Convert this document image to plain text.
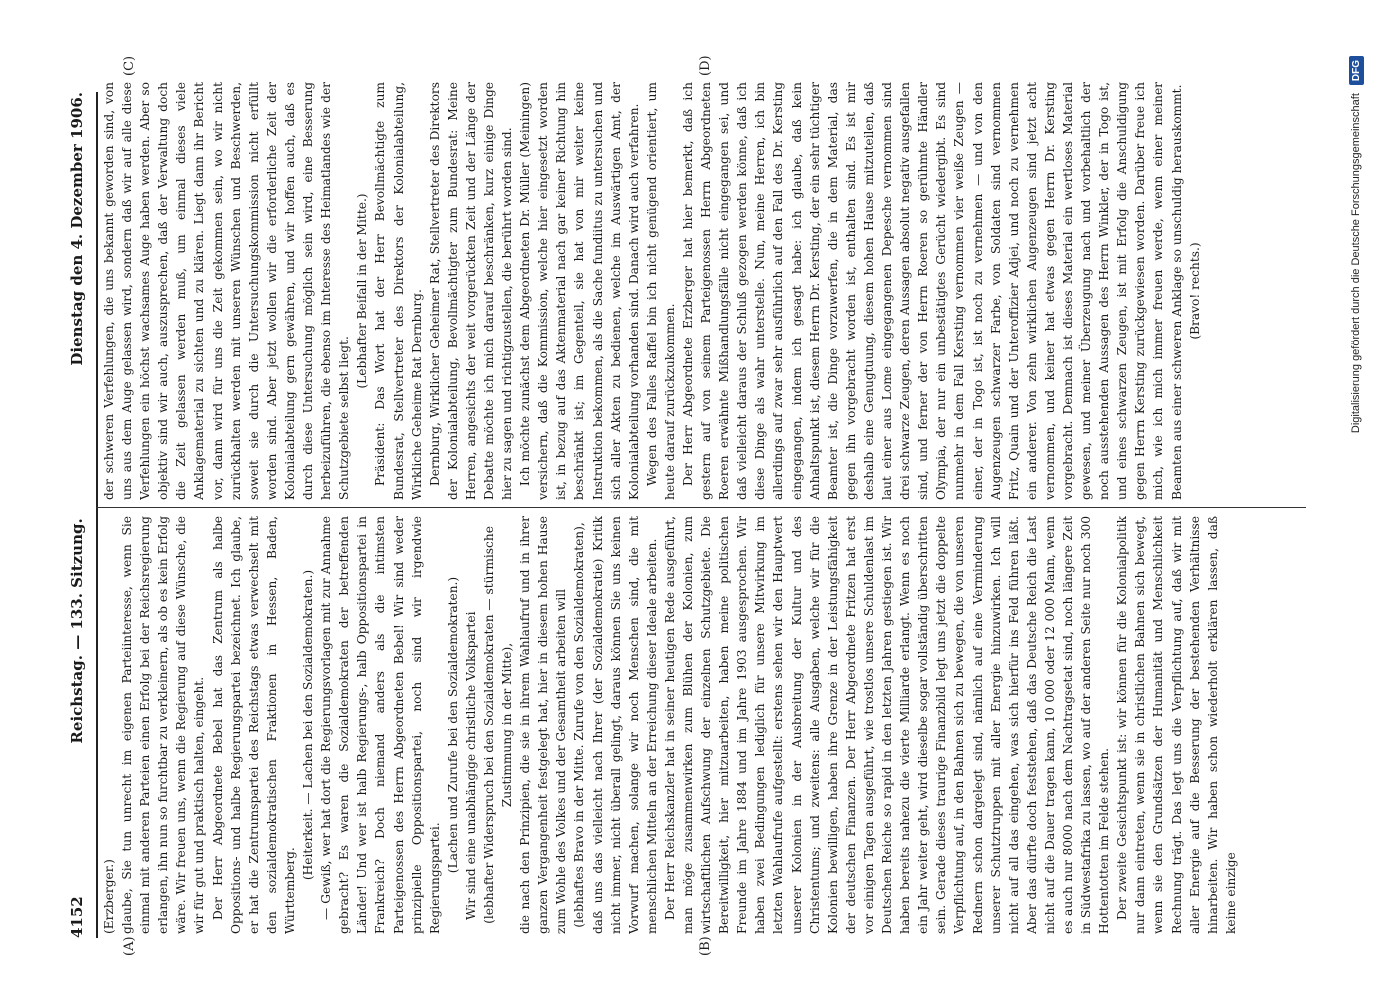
4152
Reichstag. — 133. Sitzung.
Dienstag den 4. Dezember 1906.
(A)	(B)
(C)	(D)

(Erzberger.) glaube, Sie tun unrecht im eigenen Parteiinteresse, wenn Sie einmal mit anderen Parteien einen Erfolg bei der Reichsregierung erlangen, ihn nun so furchtbar zu verkleinern, als ob es kein Erfolg wäre. Wir freuen uns, wenn die Regierung auf diese Wünsche, die wir für gut und praktisch halten, eingeht. Der Herr Abgeordnete Bebel hat das Zentrum als halbe Oppositions- und halbe Regierungspartei bezeichnet. Ich glaube, er hat die Zentrumspartei des Reichstags etwas verwechselt mit den sozialdemokratischen Fraktionen in Hessen, Baden, Württemberg.

(Heiterkeit. — Lachen bei den Sozialdemokraten.) — Gewiß, wer hat dort die Regierungsvorlagen mit zur Annahme gebracht? Es waren die Sozialdemokraten der betreffenden Länder! Und wer ist halb Regierungs-, halb Oppositionspartei in Frankreich? Doch niemand anders als die intimsten Parteigenossen des Herrn Abgeordneten Bebel! Wir sind weder prinzipielle Oppositionspartei, noch sind wir irgendwie Regierungspartei.

(Lachen und Zurufe bei den Sozialdemokraten.) Wir sind eine unabhängige christliche Volkspartei (lebhafter Widerspruch bei den Sozialdemokraten — stürmische Zustimmung in der Mitte), die nach den Prinzipien, die sie in ihrem Wahlaufruf und in ihrer ganzen Vergangenheit festgelegt hat, hier in diesem hohen Hause zum Wohle des Volkes und der Gesamtheit arbeiten will (lebhaftes Bravo in der Mitte. Zurufe von den Sozialdemokraten), daß uns das vielleicht nach Ihrer (der Sozialdemokratie) Kritik nicht immer, nicht überall gelingt, daraus können Sie uns keinen Vorwurf machen, solange wir noch Menschen sind, die mit menschlichen Mitteln an der Erreichung dieser Ideale arbeiten. Der Herr Reichskanzler hat in seiner heutigen Rede ausgeführt, man möge zusammenwirken zum Blühen der Kolonien, zum wirtschaftlichen Aufschwung der einzelnen Schutzgebiete. Die Bereitwilligkeit, hier mitzuarbeiten, haben meine politischen Freunde im Jahre 1884 und im Jahre 1903 ausgesprochen. Wir haben zwei Bedingungen lediglich für unsere Mitwirkung im letzten Wahlaufrufe aufgestellt: erstens sehen wir den Hauptwert unserer Kolonien in der Ausbreitung der Kultur und des Christentums; und zweitens: alle Ausgaben, welche wir für die Kolonien bewilligen, haben ihre Grenze in der Leistungsfähigkeit der deutschen Finanzen. Der Herr Abgeordnete Fritzen hat erst vor einigen Tagen ausgeführt, wie trostlos unsere Schuldenlast im Deutschen Reiche so rapid in den letzten Jahren gestiegen ist. Wir haben bereits nahezu die vierte Milliarde erlangt. Wenn es noch ein Jahr weiter geht, wird dieselbe sogar vollständig überschritten sein. Gerade dieses traurige Finanzbild legt uns jetzt die doppelte Verpflichtung auf, in den Bahnen sich zu bewegen, die von unseren Rednern schon dargelegt sind, nämlich auf eine Verminderung unserer Schutztruppen mit aller Energie hinzuwirken. Ich will nicht auf all das eingehen, was sich hierfür ins Feld führen läßt. Aber das dürfte doch feststehen, daß das Deutsche Reich die Last nicht auf die Dauer tragen kann, 10 000 oder 12 000 Mann, wenn es auch nur 8000 nach dem Nachtragsetat sind, noch längere Zeit in Südwestafrika zu lassen, wo auf der anderen Seite nur noch 300 Hottentotten im Felde stehen. Der zweite Gesichtspunkt ist: wir können für die Kolonialpolitik nur dann eintreten, wenn sie in christlichen Bahnen sich bewegt, wenn sie den Grundsätzen der Humanität und Menschlichkeit Rechnung trägt. Das legt uns die Verpflichtung auf, daß wir mit aller Energie auf die Besserung der bestehenden Verhältnisse hinarbeiten. Wir haben schon wiederholt erklären lassen, daß keine einzige

der schweren Verfehlungen, die uns bekannt geworden sind, von uns aus dem Auge gelassen wird, sondern daß wir auf alle diese Verfehlungen ein höchst wachsames Auge haben werden. Aber so objektiv sind wir auch, auszusprechen, daß der Verwaltung doch die Zeit gelassen werden muß, um einmal dieses viele Anklagematerial zu sichten und zu klären. Liegt dann ihr Bericht vor, dann wird für uns die Zeit gekommen sein, wo wir nicht zurückhalten werden mit unseren Wünschen und Beschwerden, soweit sie durch die Untersuchungskommission nicht erfüllt worden sind. Aber jetzt wollen wir die erforderliche Zeit der Kolonialabteilung gern gewähren, und wir hoffen auch, daß es durch diese Untersuchung möglich sein wird, eine Besserung herbeizuführen, die ebenso im Interesse des Heimatlandes wie der Schutzgebiete selbst liegt.

(Lebhafter Beifall in der Mitte.) Präsident: Das Wort hat der Herr Bevollmächtigte zum Bundesrat, Stellvertreter des Direktors der Kolonialabteilung, Wirkliche Geheime Rat Dernburg. Dernburg, Wirklicher Geheimer Rat, Stellvertreter des Direktors der Kolonialabteilung, Bevollmächtigter zum Bundesrat: Meine Herren, angesichts der weit vorgerückten Zeit und der Länge der Debatte möchte ich mich darauf beschränken, kurz einige Dinge hier zu sagen und richtigzustellen, die berührt worden sind. Ich möchte zunächst dem Abgeordneten Dr. Müller (Meiningen) versichern, daß die Kommission, welche hier eingesetzt worden ist, in bezug auf das Aktenmaterial nach gar keiner Richtung hin beschränkt ist; im Gegenteil, sie hat von mir weiter keine Instruktion bekommen, als die Sache fundiitus zu untersuchen und sich aller Akten zu bedienen, welche im Auswärtigen Amt, der Kolonialabteilung vorhanden sind. Danach wird auch verfahren. Wegen des Falles Raffel bin ich nicht genügend orientiert, um heute darauf zurückzukommen. Der Herr Abgeordnete Erzberger hat hier bemerkt, daß ich gestern auf von seinem Parteigenossen Herrn Abgeordneten Roeren erwähnte Mißhandlungsfälle nicht eingegangen sei, und daß vielleicht daraus der Schluß gezogen werden könne, daß ich diese Dinge als wahr unterstelle. Nun, meine Herren, ich bin allerdings auf zwar sehr ausführlich auf den Fall des Dr. Kersting eingegangen, indem ich gesagt habe: ich glaube, daß kein Anhaltspunkt ist, diesem Herrn Dr. Kersting, der ein sehr tüchtiger Beamter ist, die Dinge vorzuwerfen, die in dem Material, das gegen ihn vorgebracht worden ist, enthalten sind. Es ist mir deshalb eine Genugtuung, diesem hohen Hause mitzuteilen, daß laut einer aus Lome eingegangenen Depesche vernommen sind drei schwarze Zeugen, deren Aussagen absolut negativ ausgefallen sind, und ferner der von Herrn Roeren so gerühmte Händler Olympia, der nur ein unbestätigtes Gerücht wiedergibt. Es sind nunmehr in dem Fall Kersting vernommen vier weiße Zeugen — einer, der in Togo ist, ist noch zu vernehmen — und von den Augenzeugen schwarzer Farbe, von Soldaten sind vernommen Fritz, Quain und der Unteroffizier Adjei, und noch zu vernehmen ein anderer. Von zehn wirklichen Augenzeugen sind jetzt acht vernommen, und keiner hat etwas gegen Herrn Dr. Kersting vorgebracht. Demnach ist dieses Material ein wertloses Material gewesen, und meiner Überzeugung nach und vorbehaltlich der noch ausstehenden Aussagen des Herrn Winkler, der in Togo ist, und eines schwarzen Zeugen, ist mit Erfolg die Anschuldigung gegen Herrn Kersting zurückgewiesen worden. Darüber freue ich mich, wie ich mich immer freuen werde, wenn einer meiner Beamten aus einer schweren Anklage so unschuldig herauskommt. (Bravo! rechts.)	Digitalisierung gefördert durch die Deutsche Forschungsgemeinschaft
DFG
